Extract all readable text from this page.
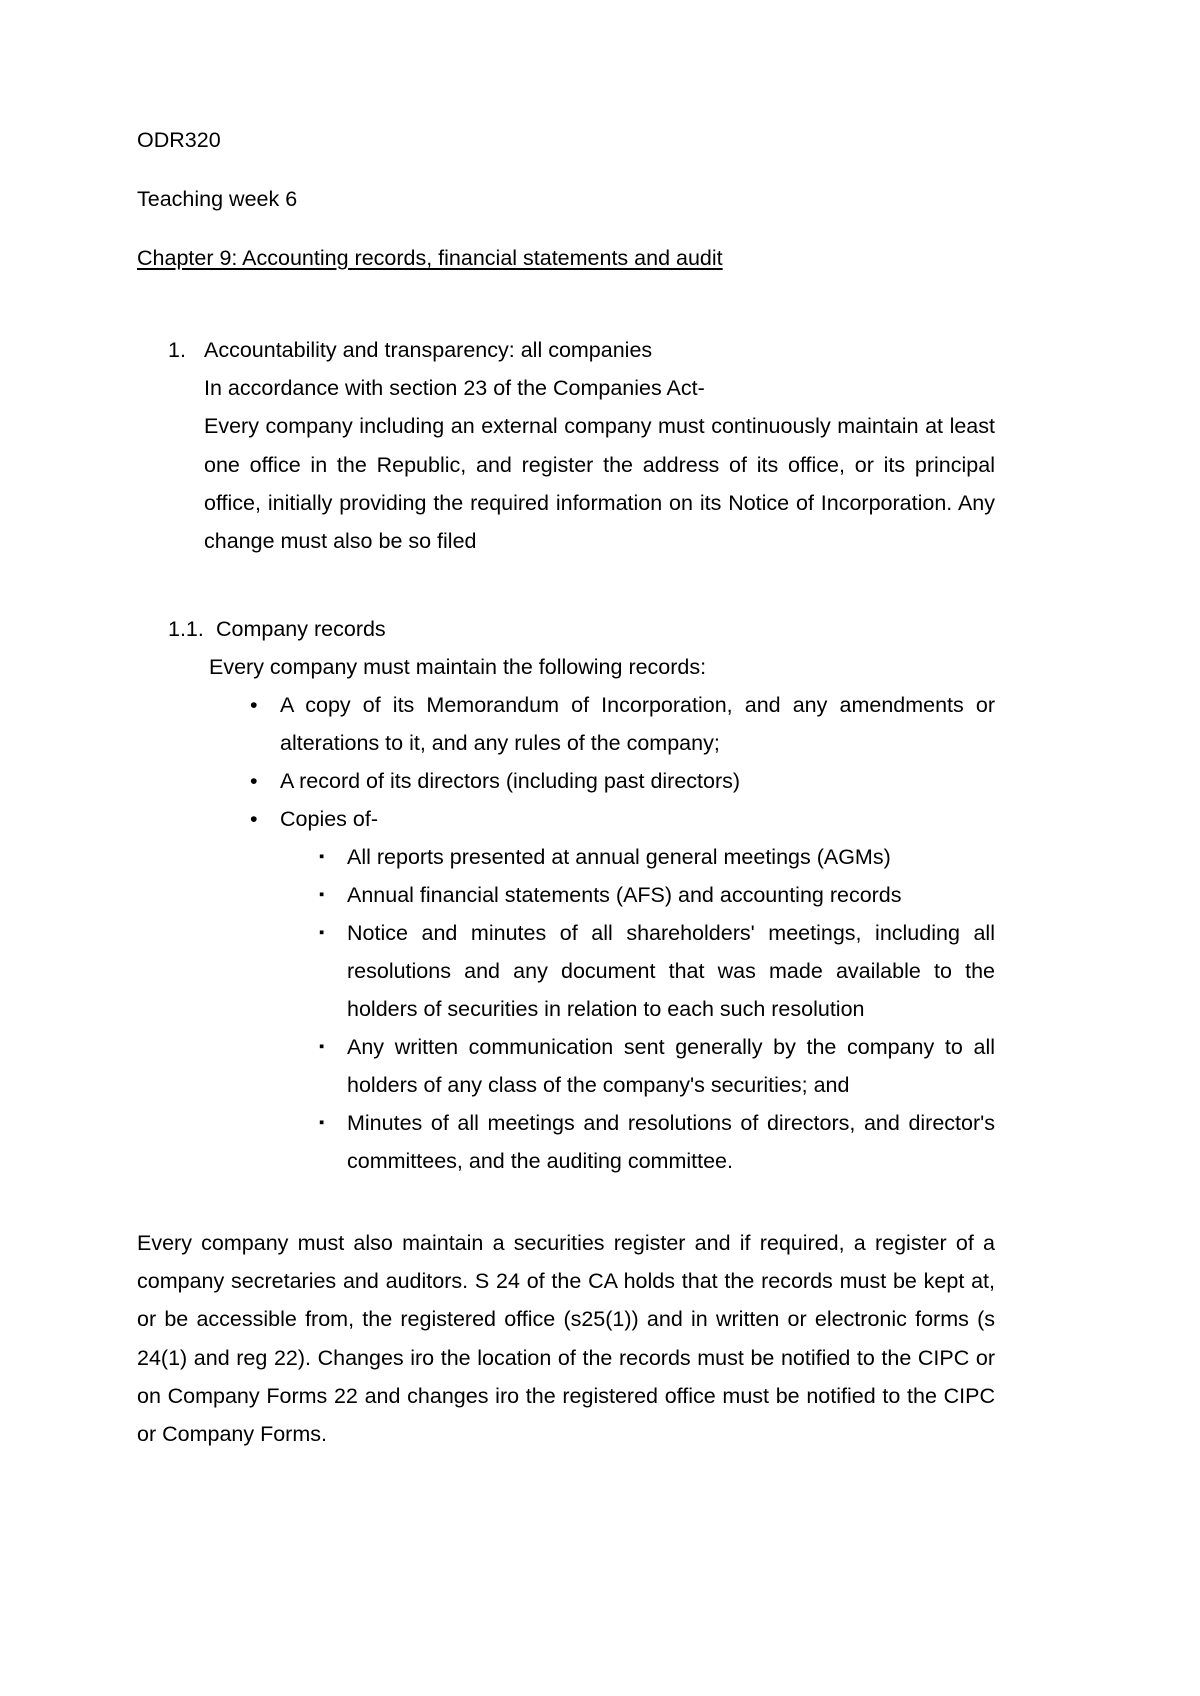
ODR320
Teaching week 6
Chapter 9: Accounting records, financial statements and audit
1. Accountability and transparency: all companies
In accordance with section 23 of the Companies Act-
Every company including an external company must continuously maintain at least one office in the Republic, and register the address of its office, or its principal office, initially providing the required information on its Notice of Incorporation. Any change must also be so filed
1.1. Company records
Every company must maintain the following records:
• A copy of its Memorandum of Incorporation, and any amendments or alterations to it, and any rules of the company;
• A record of its directors (including past directors)
• Copies of-
▪ All reports presented at annual general meetings (AGMs)
▪ Annual financial statements (AFS) and accounting records
▪ Notice and minutes of all shareholders' meetings, including all resolutions and any document that was made available to the holders of securities in relation to each such resolution
▪ Any written communication sent generally by the company to all holders of any class of the company's securities; and
▪ Minutes of all meetings and resolutions of directors, and director's committees, and the auditing committee.

Every company must also maintain a securities register and if required, a register of a company secretaries and auditors. S 24 of the CA holds that the records must be kept at, or be accessible from, the registered office (s25(1)) and in written or electronic forms (s 24(1) and reg 22). Changes iro the location of the records must be notified to the CIPC or on Company Forms 22 and changes iro the registered office must be notified to the CIPC or Company Forms.
